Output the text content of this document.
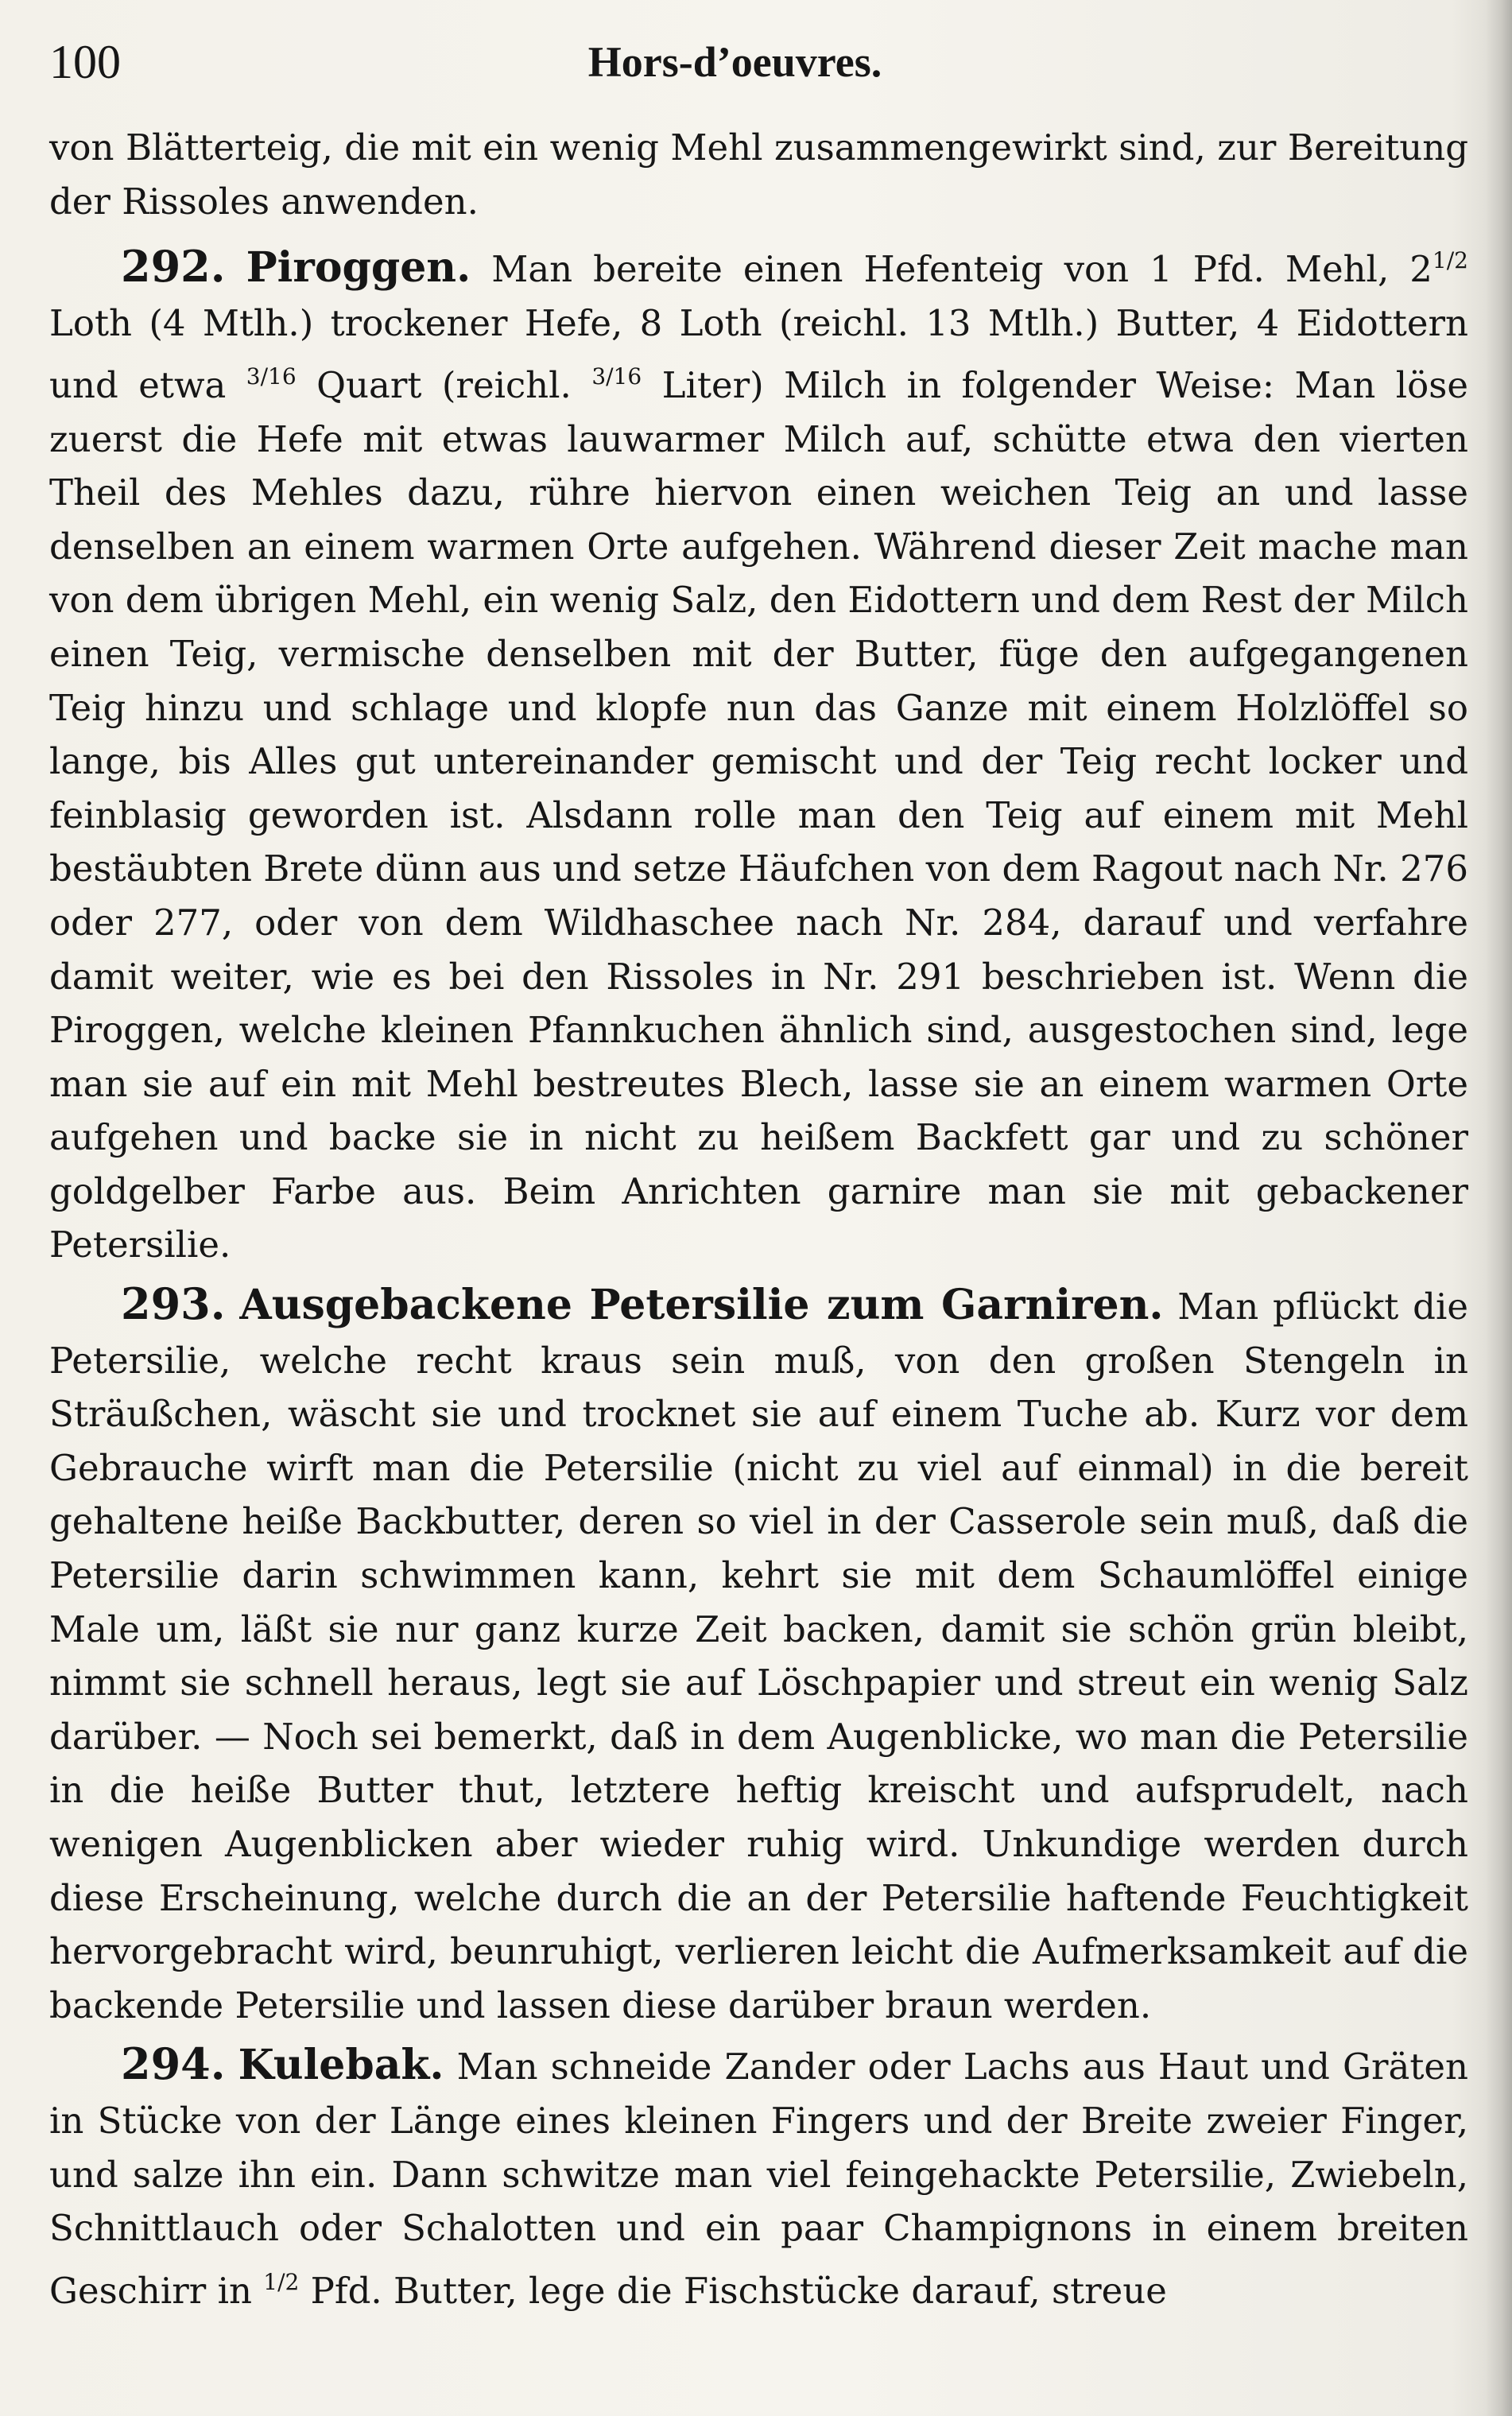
100	Hors-d’oeuvres.

von Blätterteig, die mit ein wenig Mehl zusammengewirkt sind, zur Bereitung der Rissoles anwenden.

292. Piroggen. Man bereite einen Hefenteig von 1 Pfd. Mehl, $2^{1/2}$ Loth (4 Mtlh.) trockener Hefe, 8 Loth (reichl. 13 Mtlh.) Butter, 4 Eidottern und etwa $^{3/16}$ Quart (reichl. $^{3/16}$ Liter) Milch in folgender Weise: Man löse zuerst die Hefe mit etwas lauwarmer Milch auf, schütte etwa den vierten Theil des Mehles dazu, rühre hiervon einen weichen Teig an und lasse denselben an einem warmen Orte aufgehen. Während dieser Zeit mache man von dem übrigen Mehl, ein wenig Salz, den Eidottern und dem Rest der Milch einen Teig, vermische denselben mit der Butter, füge den aufgegangenen Teig hinzu und schlage und klopfe nun das Ganze mit einem Holzlöffel so lange, bis Alles gut untereinander gemischt und der Teig recht locker und feinblasig geworden ist. Alsdann rolle man den Teig auf einem mit Mehl bestäubten Brete dünn aus und setze Häufchen von dem Ragout nach Nr. 276 oder 277, oder von dem Wildhaschee nach Nr. 284, darauf und verfahre damit weiter, wie es bei den Rissoles in Nr. 291 beschrieben ist. Wenn die Piroggen, welche kleinen Pfannkuchen ähnlich sind, ausgestochen sind, lege man sie auf ein mit Mehl bestreutes Blech, lasse sie an einem warmen Orte aufgehen und backe sie in nicht zu heißem Backfett gar und zu schöner goldgelber Farbe aus. Beim Anrichten garnire man sie mit gebackener Petersilie.

293. Ausgebackene Petersilie zum Garniren. Man pflückt die Petersilie, welche recht kraus sein muß, von den großen Stengeln in Sträußchen, wäscht sie und trocknet sie auf einem Tuche ab. Kurz vor dem Gebrauche wirft man die Petersilie (nicht zu viel auf einmal) in die bereit gehaltene heiße Backbutter, deren so viel in der Casserole sein muß, daß die Petersilie darin schwimmen kann, kehrt sie mit dem Schaumlöffel einige Male um, läßt sie nur ganz kurze Zeit backen, damit sie schön grün bleibt, nimmt sie schnell heraus, legt sie auf Löschpapier und streut ein wenig Salz darüber. — Noch sei bemerkt, daß in dem Augenblicke, wo man die Petersilie in die heiße Butter thut, letztere heftig kreischt und aufsprudelt, nach wenigen Augenblicken aber wieder ruhig wird. Unkundige werden durch diese Erscheinung, welche durch die an der Petersilie haftende Feuchtigkeit hervorgebracht wird, beunruhigt, verlieren leicht die Aufmerksamkeit auf die backende Petersilie und lassen diese darüber braun werden.

294. Kulebak. Man schneide Zander oder Lachs aus Haut und Gräten in Stücke von der Länge eines kleinen Fingers und der Breite zweier Finger, und salze ihn ein. Dann schwitze man viel feingehackte Petersilie, Zwiebeln, Schnittlauch oder Schalotten und ein paar Champignons in einem breiten Geschirr in $^{1/2}$ Pfd. Butter, lege die Fischstücke darauf, streue
